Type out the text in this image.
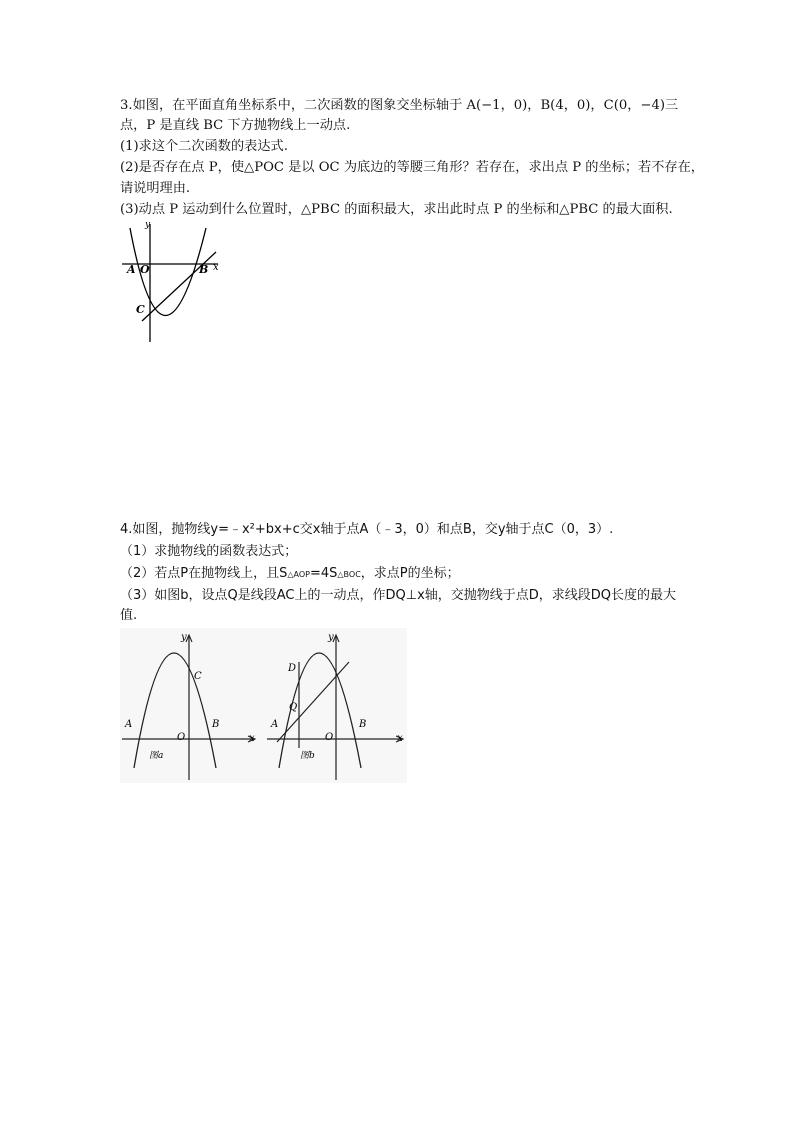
3.如图，在平面直角坐标系中，二次函数的图象交坐标轴于 A(−1，0)，B(4，0)，C(0，−4)三
点，P 是直线 BC 下方抛物线上一动点.
(1)求这个二次函数的表达式.
(2)是否存在点 P，使△POC 是以 OC 为底边的等腰三角形？若存在，求出点 P 的坐标；若不存在，
请说明理由.
(3)动点 P 运动到什么位置时，△PBC 的面积最大，求出此时点 P 的坐标和△PBC 的最大面积.
y
x
A O	B
C
4.如图，抛物线y=﹣x²+bx+c交x轴于点A（﹣3，0）和点B，交y轴于点C（0，3）.
（1）求抛物线的函数表达式；
（2）若点P在抛物线上，且S△AOP=4S△BOC，求点P的坐标；
（3）如图b，设点Q是线段AC上的一动点，作DQ⊥x轴，交抛物线于点D，求线段DQ长度的最大
值.
y
x
A
O
B
C
图a
y
x
A
O
B
D
Q
图b
